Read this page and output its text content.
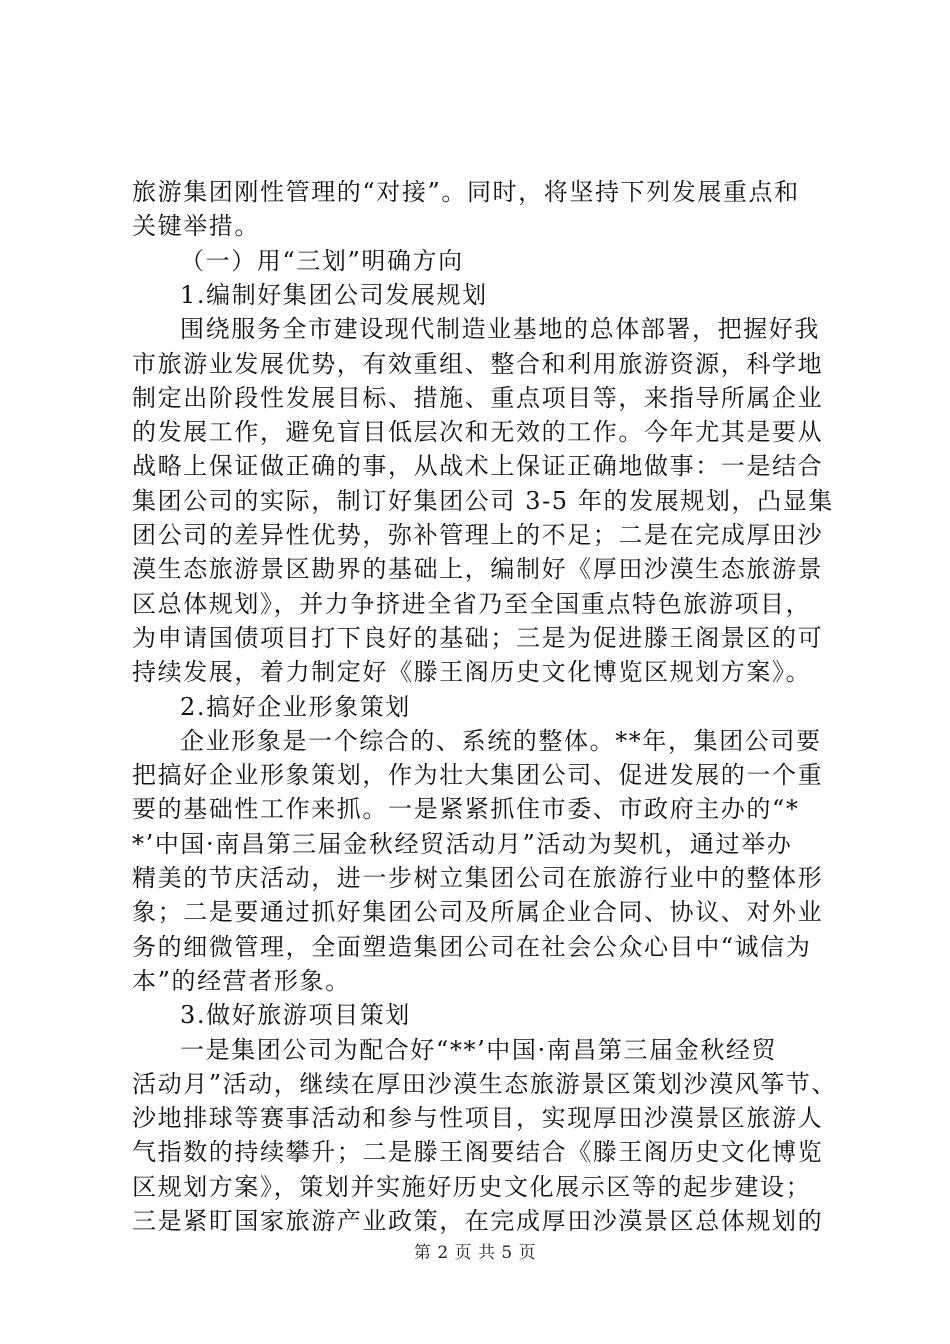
旅游集团刚性管理的“对接”。同时，将坚持下列发展重点和
关键举措。
（一）用“三划”明确方向
1.编制好集团公司发展规划
围绕服务全市建设现代制造业基地的总体部署，把握好我
市旅游业发展优势，有效重组、整合和利用旅游资源，科学地
制定出阶段性发展目标、措施、重点项目等，来指导所属企业
的发展工作，避免盲目低层次和无效的工作。今年尤其是要从
战略上保证做正确的事，从战术上保证正确地做事：一是结合
集团公司的实际，制订好集团公司 3-5 年的发展规划，凸显集
团公司的差异性优势，弥补管理上的不足；二是在完成厚田沙
漠生态旅游景区勘界的基础上，编制好《厚田沙漠生态旅游景
区总体规划》，并力争挤进全省乃至全国重点特色旅游项目，
为申请国债项目打下良好的基础；三是为促进滕王阁景区的可
持续发展，着力制定好《滕王阁历史文化博览区规划方案》。
2.搞好企业形象策划
企业形象是一个综合的、系统的整体。**年，集团公司要
把搞好企业形象策划，作为壮大集团公司、促进发展的一个重
要的基础性工作来抓。一是紧紧抓住市委、市政府主办的“*
*’中国·南昌第三届金秋经贸活动月”活动为契机，通过举办
精美的节庆活动，进一步树立集团公司在旅游行业中的整体形
象；二是要通过抓好集团公司及所属企业合同、协议、对外业
务的细微管理，全面塑造集团公司在社会公众心目中“诚信为
本”的经营者形象。
3.做好旅游项目策划
一是集团公司为配合好“**’中国·南昌第三届金秋经贸
活动月”活动，继续在厚田沙漠生态旅游景区策划沙漠风筝节、
沙地排球等赛事活动和参与性项目，实现厚田沙漠景区旅游人
气指数的持续攀升；二是滕王阁要结合《滕王阁历史文化博览
区规划方案》，策划并实施好历史文化展示区等的起步建设；
三是紧盯国家旅游产业政策，在完成厚田沙漠景区总体规划的
第 2 页 共 5 页
